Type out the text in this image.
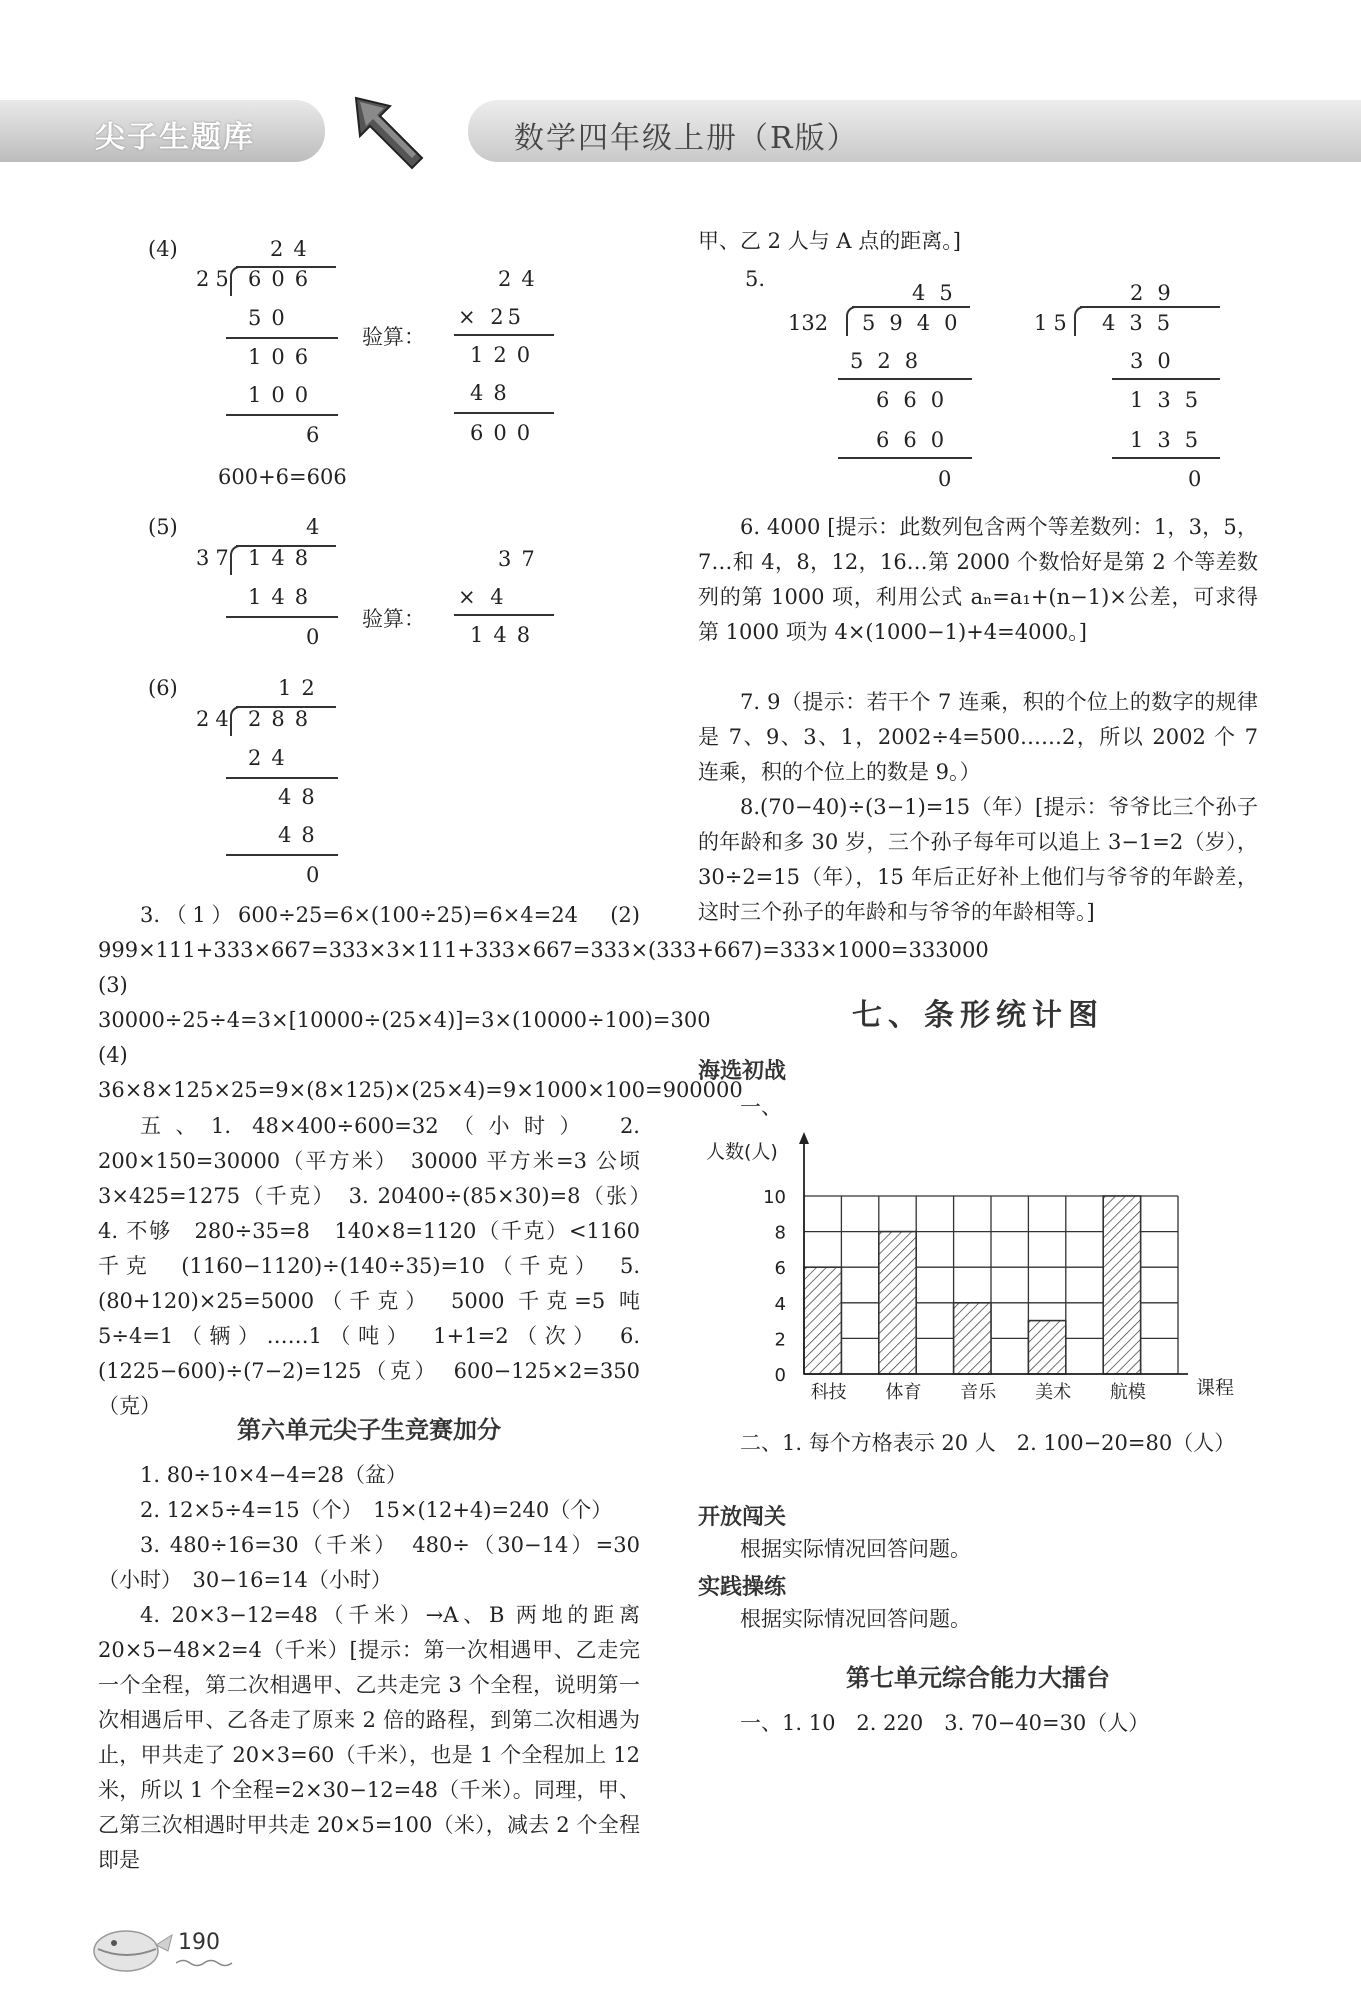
尖子生题库	数学四年级上册（R版）
(4)	24
25 606
50
106
100
6
验算：
24
× 25
120
48
600
600+6=606
(5)	4
37 148
148
0
验算：
37
× 4
148
(6)	12
24 288
24
48
48
0
3.（1）600÷25=6×(100÷25)=6×4=24　(2) 999×111+333×667=333×3×111+333×667=333×(333+667)=333×1000=333000　(3) 30000÷25÷4=3×[10000÷(25×4)]=3×(10000÷100)=300　(4) 36×8×125×25=9×(8×125)×(25×4)=9×1000×100=900000
五、1. 48×400÷600=32（小时）　2. 200×150=30000（平方米）　30000 平方米=3 公顷　3×425=1275（千克）　3. 20400÷(85×30)=8（张）　4. 不够　280÷35=8　140×8=1120（千克）<1160 千克　(1160−1120)÷(140÷35)=10（千克）　5. (80+120)×25=5000（千克）　5000 千克=5 吨　5÷4=1（辆）……1（吨）　1+1=2（次）　6.(1225−600)÷(7−2)=125（克）　600−125×2=350（克）
第六单元尖子生竞赛加分
1. 80÷10×4−4=28（盆）
2. 12×5÷4=15（个）　15×(12+4)=240（个）
3. 480÷16=30（千米）　480÷（30−14）=30（小时）　30−16=14（小时）
4. 20×3−12=48（千米）→A、B 两地的距离　20×5−48×2=4（千米）[提示：第一次相遇甲、乙走完一个全程，第二次相遇甲、乙共走完 3 个全程，说明第一次相遇后甲、乙各走了原来 2 倍的路程，到第二次相遇为止，甲共走了 20×3=60（千米），也是 1 个全程加上 12 米，所以 1 个全程=2×30−12=48（千米）。同理，甲、乙第三次相遇时甲共走 20×5=100（米），减去 2 个全程即是
190
甲、乙 2 人与 A 点的距离。]
5.
45
132 5940
528
660
660
0
29
15 435
30
135
135
0
6. 4000 [提示：此数列包含两个等差数列：1，3，5，7…和 4，8，12，16…第 2000 个数恰好是第 2 个等差数列的第 1000 项，利用公式 aₙ=a₁+(n−1)×公差，可求得第 1000 项为 4×(1000−1)+4=4000。]
7. 9（提示：若干个 7 连乘，积的个位上的数字的规律是 7、9、3、1，2002÷4=500……2，所以 2002 个 7 连乘，积的个位上的数是 9。）
8.(70−40)÷(3−1)=15（年）[提示：爷爷比三个孙子的年龄和多 30 岁，三个孙子每年可以追上 3−1=2（岁），30÷2=15（年），15 年后正好补上他们与爷爷的年龄差，这时三个孙子的年龄和与爷爷的年龄相等。]
七、条形统计图
海选初战
一、
0
2
4
6
8
10
科技 体育 音乐 美术 航模
人数(人)
课程
二、1. 每个方格表示 20 人　2. 100−20=80（人）
开放闯关
根据实际情况回答问题。
实践操练
根据实际情况回答问题。
第七单元综合能力大擂台
一、1. 10　2. 220　3. 70−40=30（人）
